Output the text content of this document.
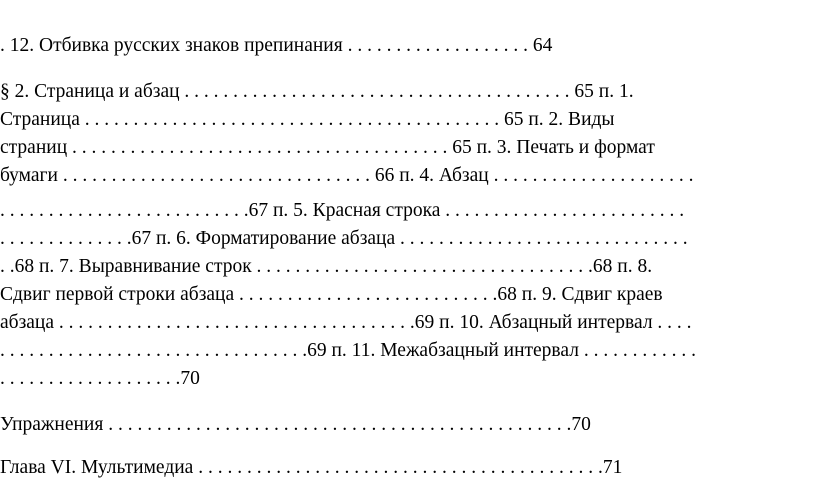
. 12. Отбивка русских знаков препинания . . . . . . . . . . . . . . . . . . . 64

§ 2. Страница и абзац . . . . . . . . . . . . . . . . . . . . . . . . . . . . . . . . . . . . . . . . 65 п. 1.

Страница . . . . . . . . . . . . . . . . . . . . . . . . . . . . . . . . . . . . . . . . . . . 65 п. 2. Виды

страниц . . . . . . . . . . . . . . . . . . . . . . . . . . . . . . . . . . . . . . . 65 п. 3. Печать и формат

бумаги . . . . . . . . . . . . . . . . . . . . . . . . . . . . . . . . 66 п. 4. Абзац . . . . . . . . . . . . . . . . . . . . .

. . . . . . . . . . . . . . . . . . . . . . . . . .67 п. 5. Красная строка . . . . . . . . . . . . . . . . . . . . . . . . .

. . . . . . . . . . . . . .67 п. 6. Форматирование абзаца . . . . . . . . . . . . . . . . . . . . . . . . . . . . . .

. .68 п. 7. Выравнивание строк . . . . . . . . . . . . . . . . . . . . . . . . . . . . . . . . . . .68 п. 8.

Сдвиг первой строки абзаца . . . . . . . . . . . . . . . . . . . . . . . . . . .68 п. 9. Сдвиг краев

абзаца . . . . . . . . . . . . . . . . . . . . . . . . . . . . . . . . . . . . .69 п. 10. Абзацный интервал . . . .

. . . . . . . . . . . . . . . . . . . . . . . . . . . . . . . .69 п. 11. Межабзацный интервал . . . . . . . . . . . .

. . . . . . . . . . . . . . . . . . .70

Упражнения . . . . . . . . . . . . . . . . . . . . . . . . . . . . . . . . . . . . . . . . . . . . . . . .70

Глава VI. Мультимедиа . . . . . . . . . . . . . . . . . . . . . . . . . . . . . . . . . . . . . . . . . .71
